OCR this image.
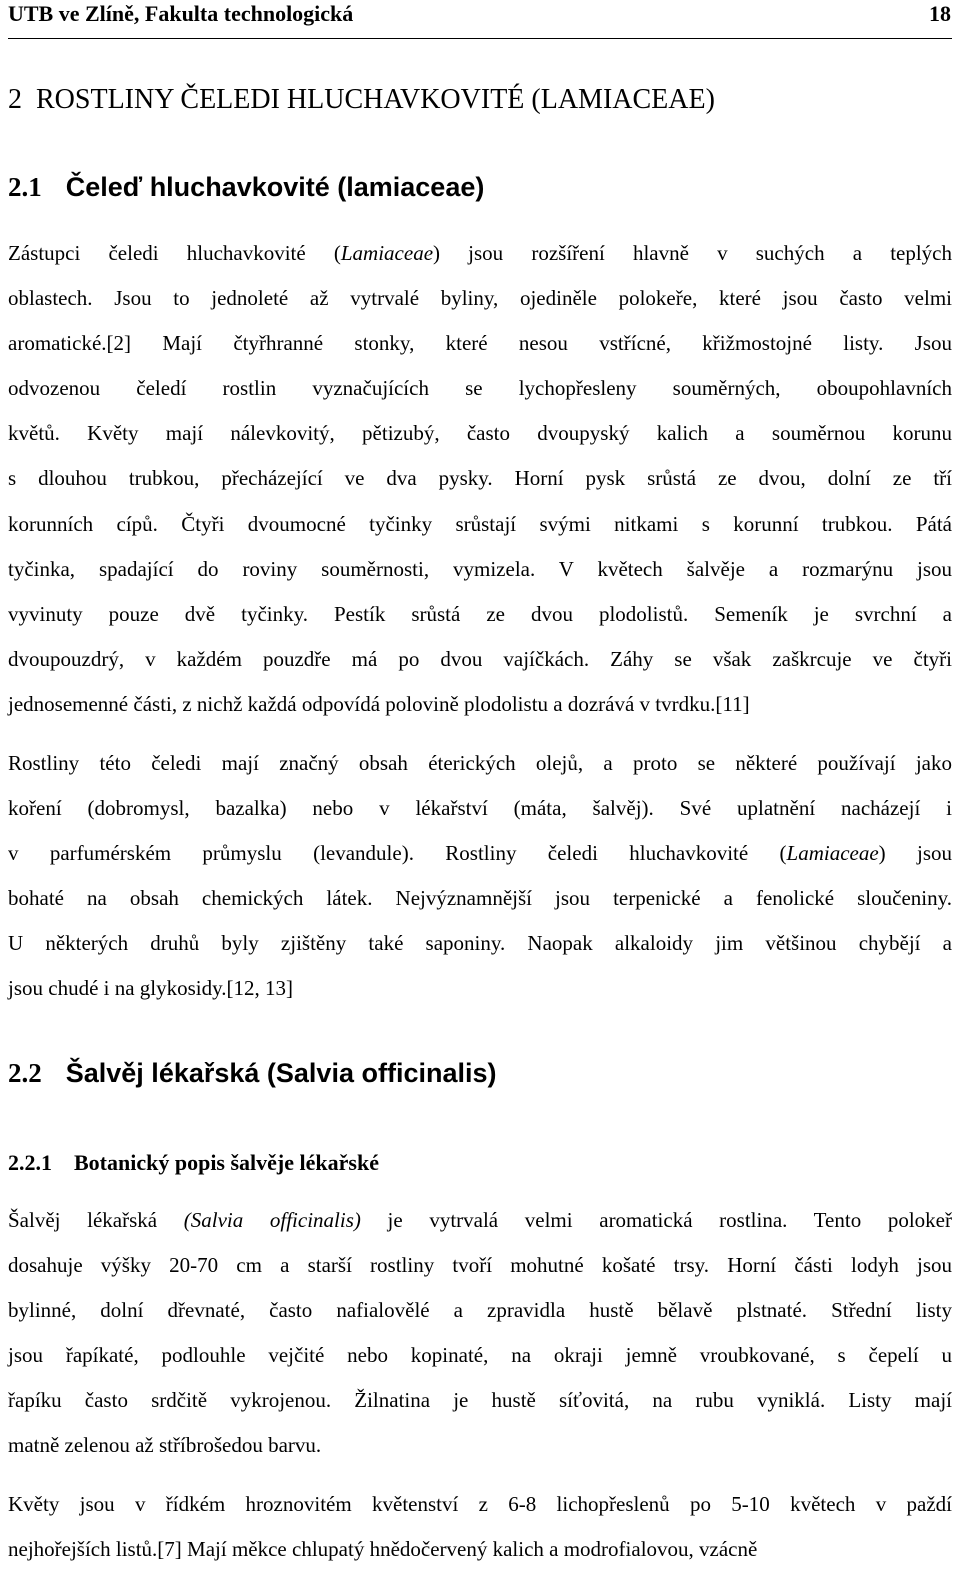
UTB ve Zlíně, Fakulta technologická	18
2 ROSTLINY ČELEDI HLUCHAVKOVITÉ (LAMIACEAE)
2.1 Čeleď hluchavkovité (lamiaceae)
Zástupci čeledi hluchavkovité (Lamiaceae) jsou rozšíření hlavně v suchých a teplých
oblastech. Jsou to jednoleté až vytrvalé byliny, ojediněle polokeře, které jsou často velmi
aromatické.[2] Mají čtyřhranné stonky, které nesou vstřícné, křižmostojné listy. Jsou
odvozenou čeledí rostlin vyznačujících se lychopřesleny souměrných, oboupohlavních
květů. Květy mají nálevkovitý, pětizubý, často dvoupyský kalich a souměrnou korunu
s dlouhou trubkou, přecházející ve dva pysky. Horní pysk srůstá ze dvou, dolní ze tří
korunních cípů. Čtyři dvoumocné tyčinky srůstají svými nitkami s korunní trubkou. Pátá
tyčinka, spadající do roviny souměrnosti, vymizela. V květech šalvěje a rozmarýnu jsou
vyvinuty pouze dvě tyčinky. Pestík srůstá ze dvou plodolistů. Semeník je svrchní a
dvoupouzdrý, v každém pouzdře má po dvou vajíčkách. Záhy se však zaškrcuje ve čtyři
jednosemenné části, z nichž každá odpovídá polovině plodolistu a dozrává v tvrdku.[11]
Rostliny této čeledi mají značný obsah éterických olejů, a proto se některé používají jako
koření (dobromysl, bazalka) nebo v lékařství (máta, šalvěj). Své uplatnění nacházejí i
v parfumérském průmyslu (levandule). Rostliny čeledi hluchavkovité (Lamiaceae) jsou
bohaté na obsah chemických látek. Nejvýznamnější jsou terpenické a fenolické sloučeniny.
U některých druhů byly zjištěny také saponiny. Naopak alkaloidy jim většinou chybějí a
jsou chudé i na glykosidy.[12, 13]
2.2 Šalvěj lékařská (Salvia officinalis)
2.2.1 Botanický popis šalvěje lékařské
Šalvěj lékařská (Salvia officinalis) je vytrvalá velmi aromatická rostlina. Tento polokeř
dosahuje výšky 20-70 cm a starší rostliny tvoří mohutné košaté trsy. Horní části lodyh jsou
bylinné, dolní dřevnaté, často nafialovělé a zpravidla hustě bělavě plstnaté. Střední listy
jsou řapíkaté, podlouhle vejčité nebo kopinaté, na okraji jemně vroubkované, s čepelí u
řapíku často srdčitě vykrojenou. Žilnatina je hustě síťovitá, na rubu vyniklá. Listy mají
matně zelenou až stříbrošedou barvu.
Květy jsou v řídkém hroznovitém květenství z 6-8 lichopřeslenů po 5-10 květech v paždí
nejhořejších listů.[7] Mají měkce chlupatý hnědočervený kalich a modrofialovou, vzácně
